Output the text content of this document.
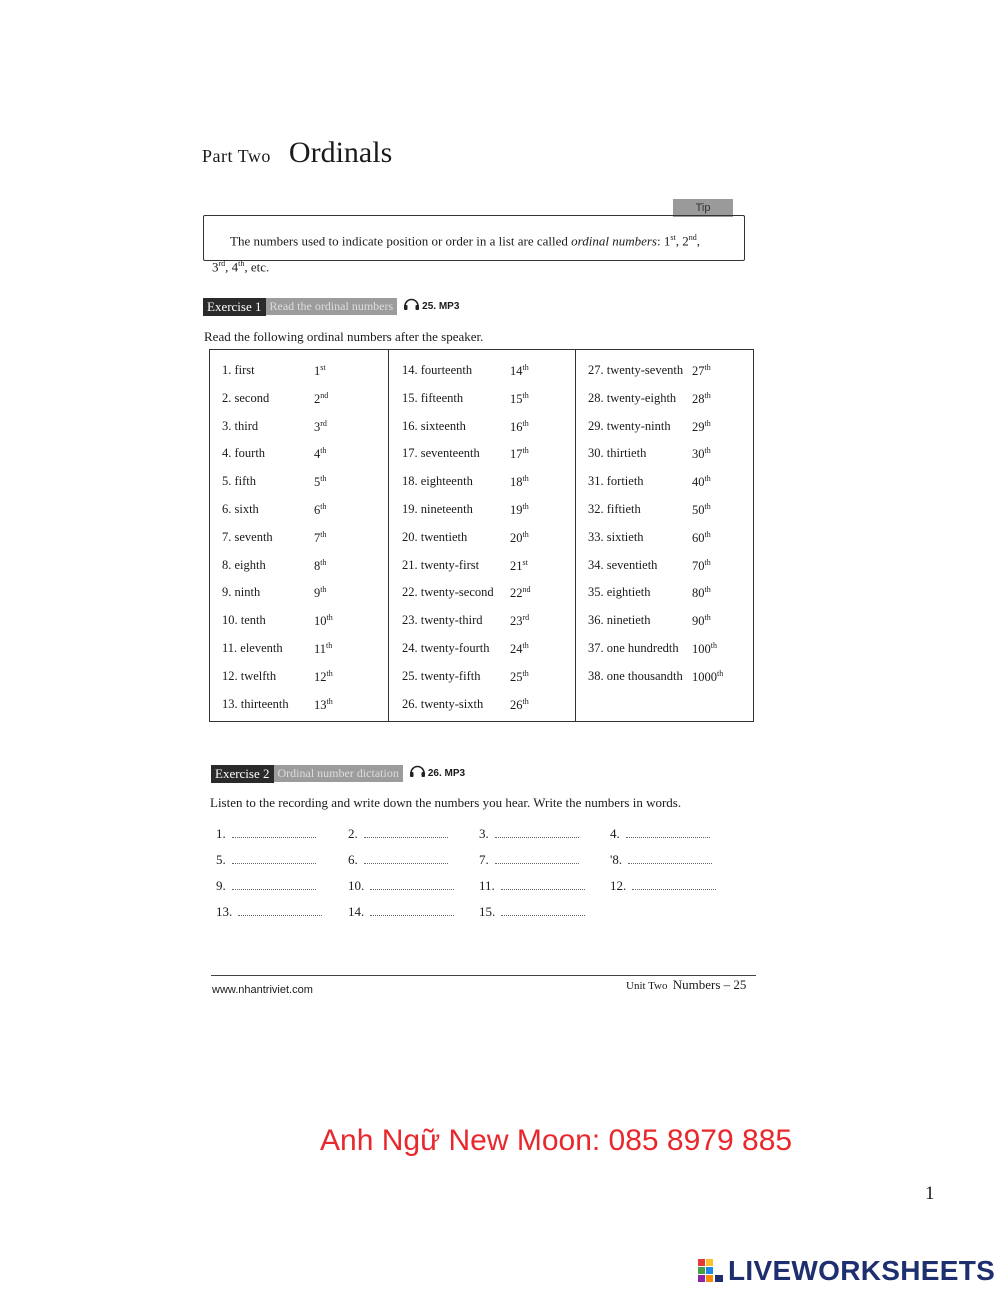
Part Two Ordinals
Tip
The numbers used to indicate position or order in a list are called ordinal numbers: 1st, 2nd,
3rd, 4th, etc.
Exercise 1 Read the ordinal numbers	25. MP3
Read the following ordinal numbers after the speaker.
1. first	1st
2. second	2nd
3. third	3rd
4. fourth	4th
5. fifth	5th
6. sixth	6th
7. seventh	7th
8. eighth	8th
9. ninth	9th
10. tenth	10th
11. eleventh	11th
12. twelfth	12th
13. thirteenth 13th
14. fourteenth	14th
15. fifteenth	15th
16. sixteenth	16th
17. seventeenth 17th
18. eighteenth	18th
19. nineteenth	19th
20. twentieth	20th
21. twenty-first 21st
22. twenty-second 22nd
23. twenty-third 23rd
24. twenty-fourth 24th
25. twenty-fifth 25th
26. twenty-sixth 26th
27. twenty-seventh 27th
28. twenty-eighth 28th
29. twenty-ninth 29th
30. thirtieth	30th
31. fortieth	40th
32. fiftieth	50th
33. sixtieth	60th
34. seventieth	70th
35. eightieth	80th
36. ninetieth	90th
37. one hundredth 100th
38. one thousandth 1000th
Exercise 2 Ordinal number dictation	26. MP3
Listen to the recording and write down the numbers you hear. Write the numbers in words.
1.	2.	3.	4.
5.	6.	7.	'8.
9.	10.	11.	12.
13.	14.	15.
www.nhantriviet.com	Unit Two Numbers – 25
Anh Ngữ New Moon: 085 8979 885
1
LIVEWORKSHEETS
